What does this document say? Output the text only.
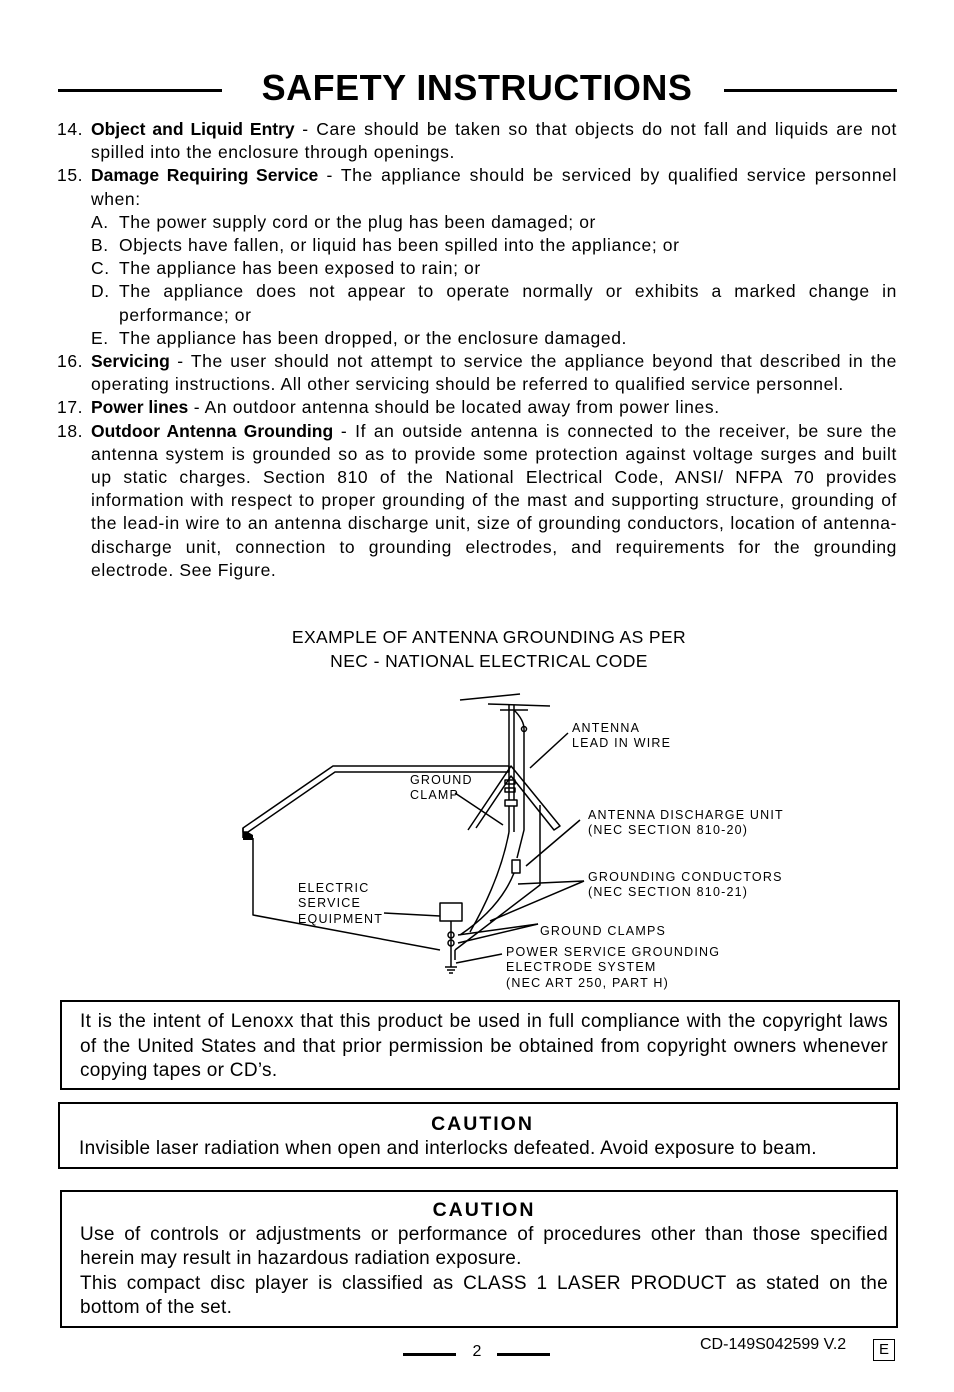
SAFETY INSTRUCTIONS
14. Object and Liquid Entry - Care should be taken so that objects do not fall and liquids are not spilled into the enclosure through openings.
15. Damage Requiring Service - The appliance should be serviced by qualified service personnel when:
A. The power supply cord or the plug has been damaged; or
B. Objects have fallen, or liquid has been spilled into the appliance; or
C. The appliance has been exposed to rain; or
D. The appliance does not appear to operate normally or exhibits a marked change in performance; or
E. The appliance has been dropped, or the enclosure damaged.
16. Servicing - The user should not attempt to service the appliance beyond that described in the operating instructions. All other servicing should be referred to qualified service personnel.
17. Power lines - An outdoor antenna should be located away from power lines.
18. Outdoor Antenna Grounding - If an outside antenna is connected to the receiver, be sure the antenna system is grounded so as to provide some protection against voltage surges and built up static charges. Section 810 of the National Electrical Code, ANSI/ NFPA 70 provides information with respect to proper grounding of the mast and supporting structure, grounding of the lead-in wire to an antenna discharge unit, size of grounding conductors, location of antenna-discharge unit, connection to grounding electrodes, and requirements for the grounding electrode. See Figure.
EXAMPLE OF ANTENNA GROUNDING AS PER
NEC - NATIONAL ELECTRICAL CODE
ANTENNA
LEAD IN WIRE
GROUND
CLAMP
ANTENNA DISCHARGE UNIT
(NEC SECTION 810-20)
ELECTRIC
SERVICE
EQUIPMENT
GROUNDING CONDUCTORS
(NEC SECTION 810-21)
GROUND CLAMPS
POWER SERVICE GROUNDING
ELECTRODE SYSTEM
(NEC ART 250, PART H)

It is the intent of Lenoxx that this product be used in full compliance with the copyright laws of the United States and that prior permission be obtained from copyright owners whenever copying tapes or CD’s.

CAUTION

Invisible laser radiation when open and interlocks defeated. Avoid exposure to beam.

CAUTION

Use of controls or adjustments or performance of procedures other than those specified herein may result in hazardous radiation exposure.

This compact disc player is classified as CLASS 1 LASER PRODUCT as stated on the bottom of the set.

2	CD-149S042599 V.2	E
